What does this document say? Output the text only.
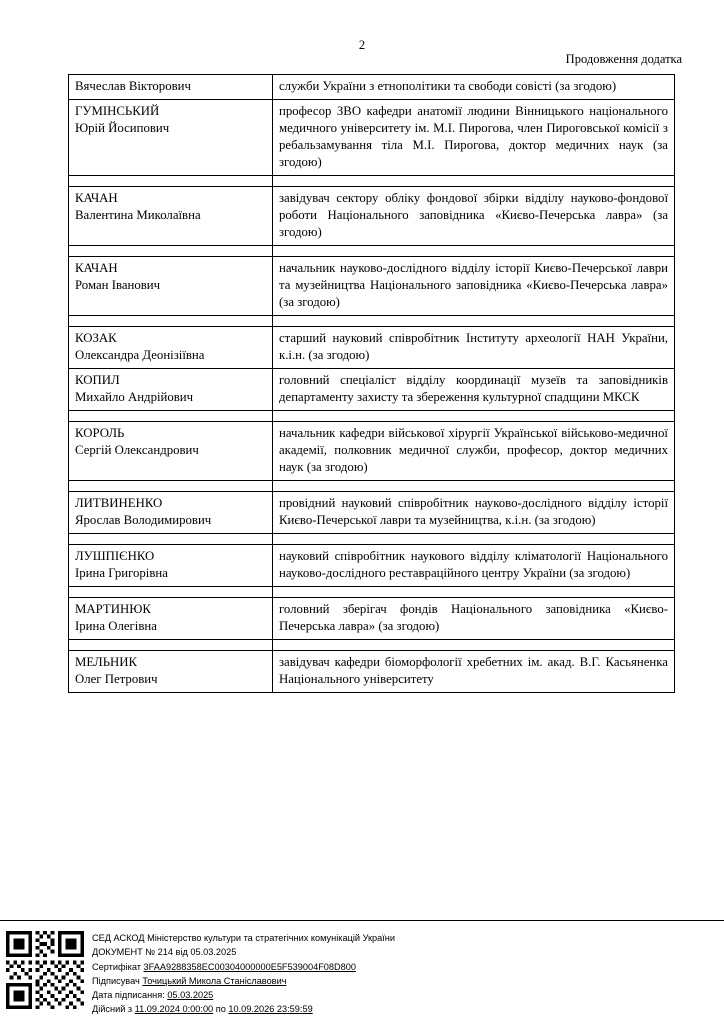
2
Продовження додатка
Вячеслав Вікторович	служби України з етнополітики та свободи совісті (за згодою)

ГУМІНСЬКИЙ
Юрій Йосипович	професор ЗВО кафедри анатомії людини Вінницького національного медичного університету ім. М.І. Пирогова, член Пироговської комісії з ребальзамування тіла М.І. Пирогова, доктор медичних наук (за згодою)

КАЧАН
Валентина Миколаївна	завідувач сектору обліку фондової збірки відділу науково-фондової роботи Національного заповідника «Києво-Печерська лавра» (за згодою)

КАЧАН
Роман Іванович	начальник науково-дослідного відділу історії Києво-Печерської лаври та музейництва Національного заповідника «Києво-Печерська лавра» (за згодою)

КОЗАК
Олександра Деонізіївна	старший науковий співробітник Інституту археології НАН України, к.і.н. (за згодою)

КОПИЛ
Михайло Андрійович	головний спеціаліст відділу координації музеїв та заповідників департаменту захисту та збереження культурної спадщини МКСК

КОРОЛЬ
Сергій Олександрович	начальник кафедри військової хірургії Української військово-медичної академії, полковник медичної служби, професор, доктор медичних наук (за згодою)

ЛИТВИНЕНКО
Ярослав Володимирович	провідний науковий співробітник науково-дослідного відділу історії Києво-Печерської лаври та музейництва, к.і.н. (за згодою)

ЛУШПІЄНКО
Ірина Григорівна	науковий співробітник наукового відділу кліматології Національного науково-дослідного реставраційного центру України (за згодою)

МАРТИНЮК
Ірина Олегівна	головний зберігач фондів Національного заповідника «Києво-Печерська лавра» (за згодою)

МЕЛЬНИК
Олег Петрович	завідувач кафедри біоморфології хребетних ім. акад. В.Г. Касьяненка Національного університету
СЕД АСКОД Міністерство культури та стратегічних комунікацій України
ДОКУМЕНТ № 214 від 05.03.2025
Сертифікат 3FAA9288358EC00304000000E5F539004F08D800
Підписувач Точицький Микола Станіславович
Дата підписання: 05.03.2025
Дійсний з 11.09.2024 0:00:00 по 10.09.2026 23:59:59
